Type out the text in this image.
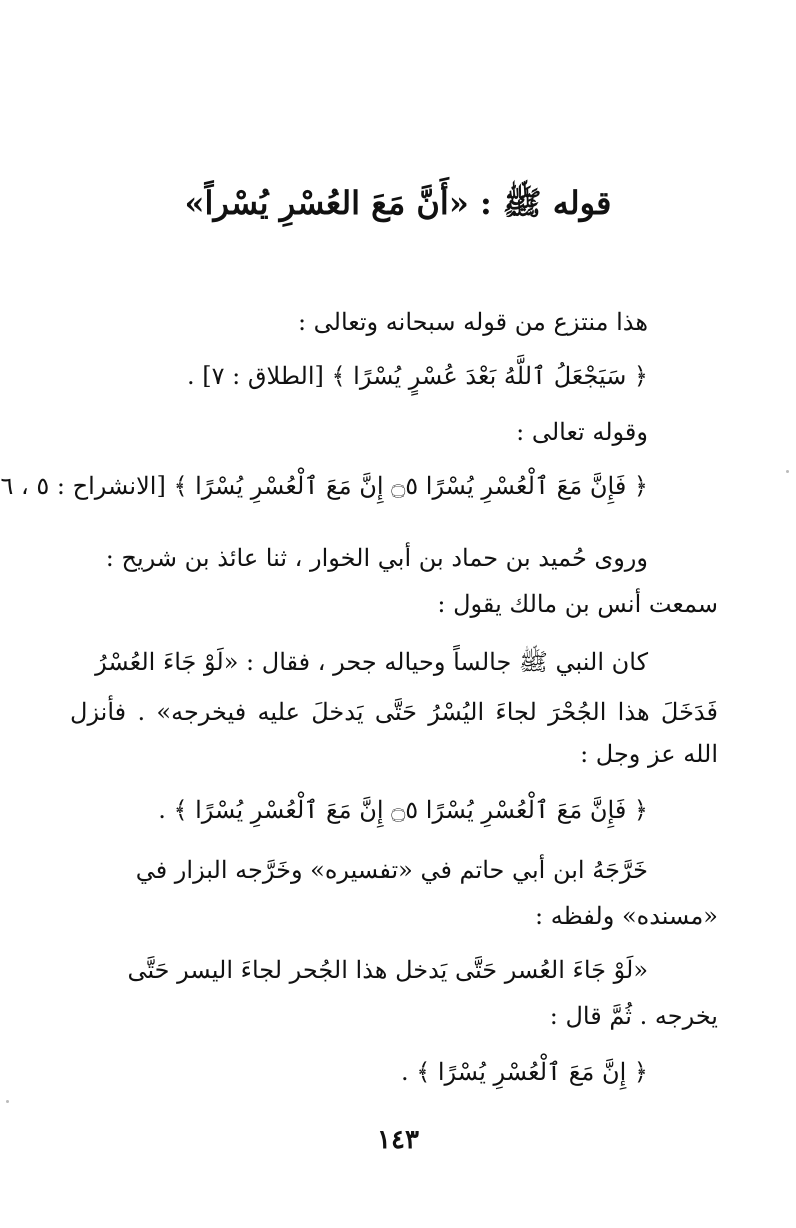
قوله ﷺ : «أَنَّ مَعَ العُسْرِ يُسْراً»
هذا منتزع من قوله سبحانه وتعالى :
﴿ سَيَجْعَلُ ٱللَّهُ بَعْدَ عُسْرٍ يُسْرًا ﴾ [الطلاق : ٧] .
وقوله تعالى :
﴿ فَإِنَّ مَعَ ٱلْعُسْرِ يُسْرًا ۝٥ إِنَّ مَعَ ٱلْعُسْرِ يُسْرًا ﴾ [الانشراح : ٥ ، ٦
وروى حُميد بن حماد بن أبي الخوار ، ثنا عائذ بن شريح :
سمعت أنس بن مالك يقول :
كان النبي ﷺ جالساً وحياله جحر ، فقال : «لَوْ جَاءَ العُسْرُ
فَدَخَلَ هذا الجُحْرَ لجاءَ اليُسْرُ حَتَّى يَدخلَ عليه فيخرجه» . فأنزل
الله عز وجل :
﴿ فَإِنَّ مَعَ ٱلْعُسْرِ يُسْرًا ۝٥ إِنَّ مَعَ ٱلْعُسْرِ يُسْرًا ﴾ .
خَرَّجَهُ ابن أبي حاتم في «تفسيره» وخَرَّجه البزار في
«مسنده» ولفظه :
«لَوْ جَاءَ العُسر حَتَّى يَدخل هذا الجُحر لجاءَ اليسر حَتَّى
يخرجه . ثُمَّ قال :
﴿ إِنَّ مَعَ ٱلْعُسْرِ يُسْرًا ﴾ .
١٤٣
